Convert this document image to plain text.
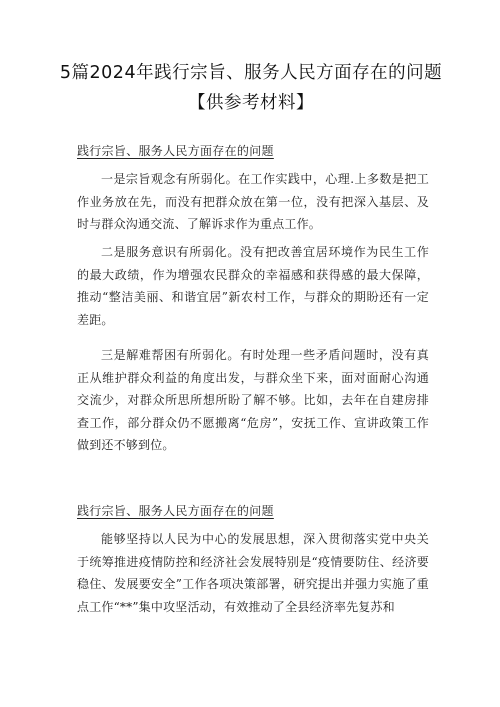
5篇2024年践行宗旨、服务人民方面存在的问题【供参考材料】
践行宗旨、服务人民方面存在的问题

一是宗旨观念有所弱化。在工作实践中，心理.上多数是把工作业务放在先，而没有把群众放在第一位，没有把深入基层、及时与群众沟通交流、了解诉求作为重点工作。

二是服务意识有所弱化。没有把改善宜居环境作为民生工作的最大政绩，作为增强农民群众的幸福感和获得感的最大保障，推动“整洁美丽、和谐宜居”新农村工作，与群众的期盼还有一定差距。

三是解难帮困有所弱化。有时处理一些矛盾问题时，没有真正从维护群众利益的角度出发，与群众坐下来，面对面耐心沟通交流少，对群众所思所想所盼了解不够。比如，去年在自建房排查工作，部分群众仍不愿搬离“危房”，安抚工作、宣讲政策工作做到还不够到位。

践行宗旨、服务人民方面存在的问题

能够坚持以人民为中心的发展思想，深入贯彻落实党中央关于统筹推进疫情防控和经济社会发展特别是“疫情要防住、经济要稳住、发展要安全”工作各项决策部署，研究提出并强力实施了重点工作“**”集中攻坚活动，有效推动了全县经济率先复苏和
